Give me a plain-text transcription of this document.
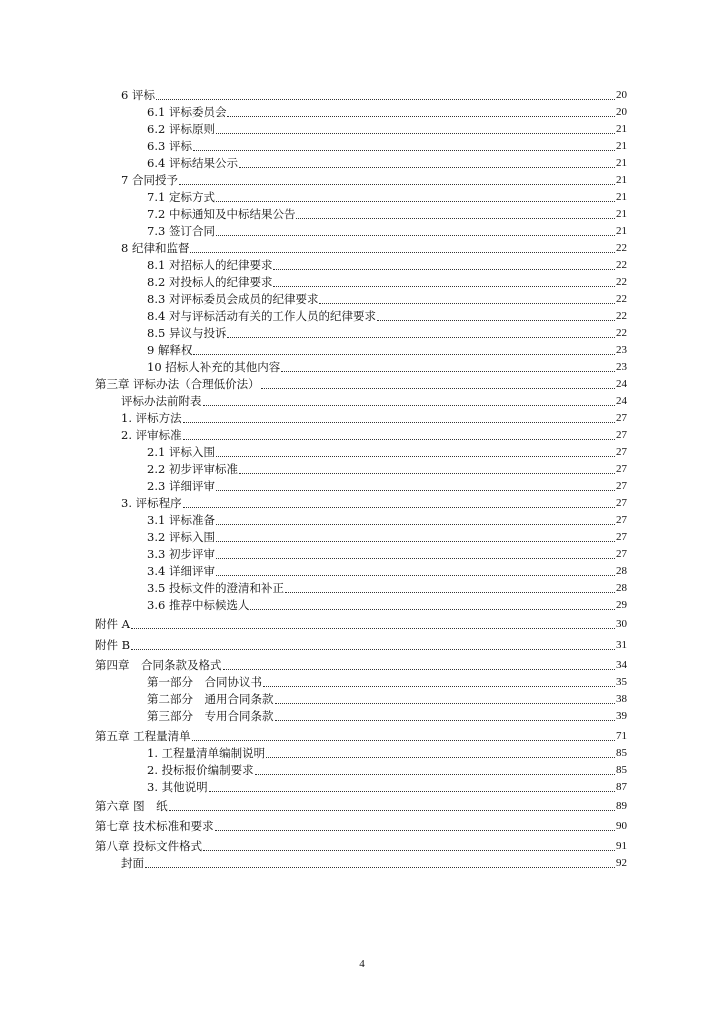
6 评标	20
6.1 评标委员会	20
6.2 评标原则	21
6.3 评标	21
6.4 评标结果公示	21
7 合同授予	21
7.1 定标方式	21
7.2 中标通知及中标结果公告	21
7.3 签订合同	21
8 纪律和监督	22
8.1 对招标人的纪律要求	22
8.2 对投标人的纪律要求	22
8.3 对评标委员会成员的纪律要求	22
8.4 对与评标活动有关的工作人员的纪律要求	22
8.5 异议与投诉	22
9 解释权	23
10 招标人补充的其他内容	23
第三章 评标办法（合理低价法）	24
评标办法前附表	24
1. 评标方法	27
2. 评审标准	27
2.1 评标入围	27
2.2 初步评审标准	27
2.3 详细评审	27
3. 评标程序	27
3.1 评标准备	27
3.2 评标入围	27
3.3 初步评审	27
3.4 详细评审	28
3.5 投标文件的澄清和补正	28
3.6 推荐中标候选人	29
附件 A	30
附件 B	31
第四章　合同条款及格式	34
第一部分　合同协议书	35
第二部分　通用合同条款	38
第三部分　专用合同条款	39
第五章 工程量清单	71
1. 工程量清单编制说明	85
2. 投标报价编制要求	85
3. 其他说明	87
第六章 图　纸	89
第七章 技术标准和要求	90
第八章 投标文件格式	91
封面	92
4
